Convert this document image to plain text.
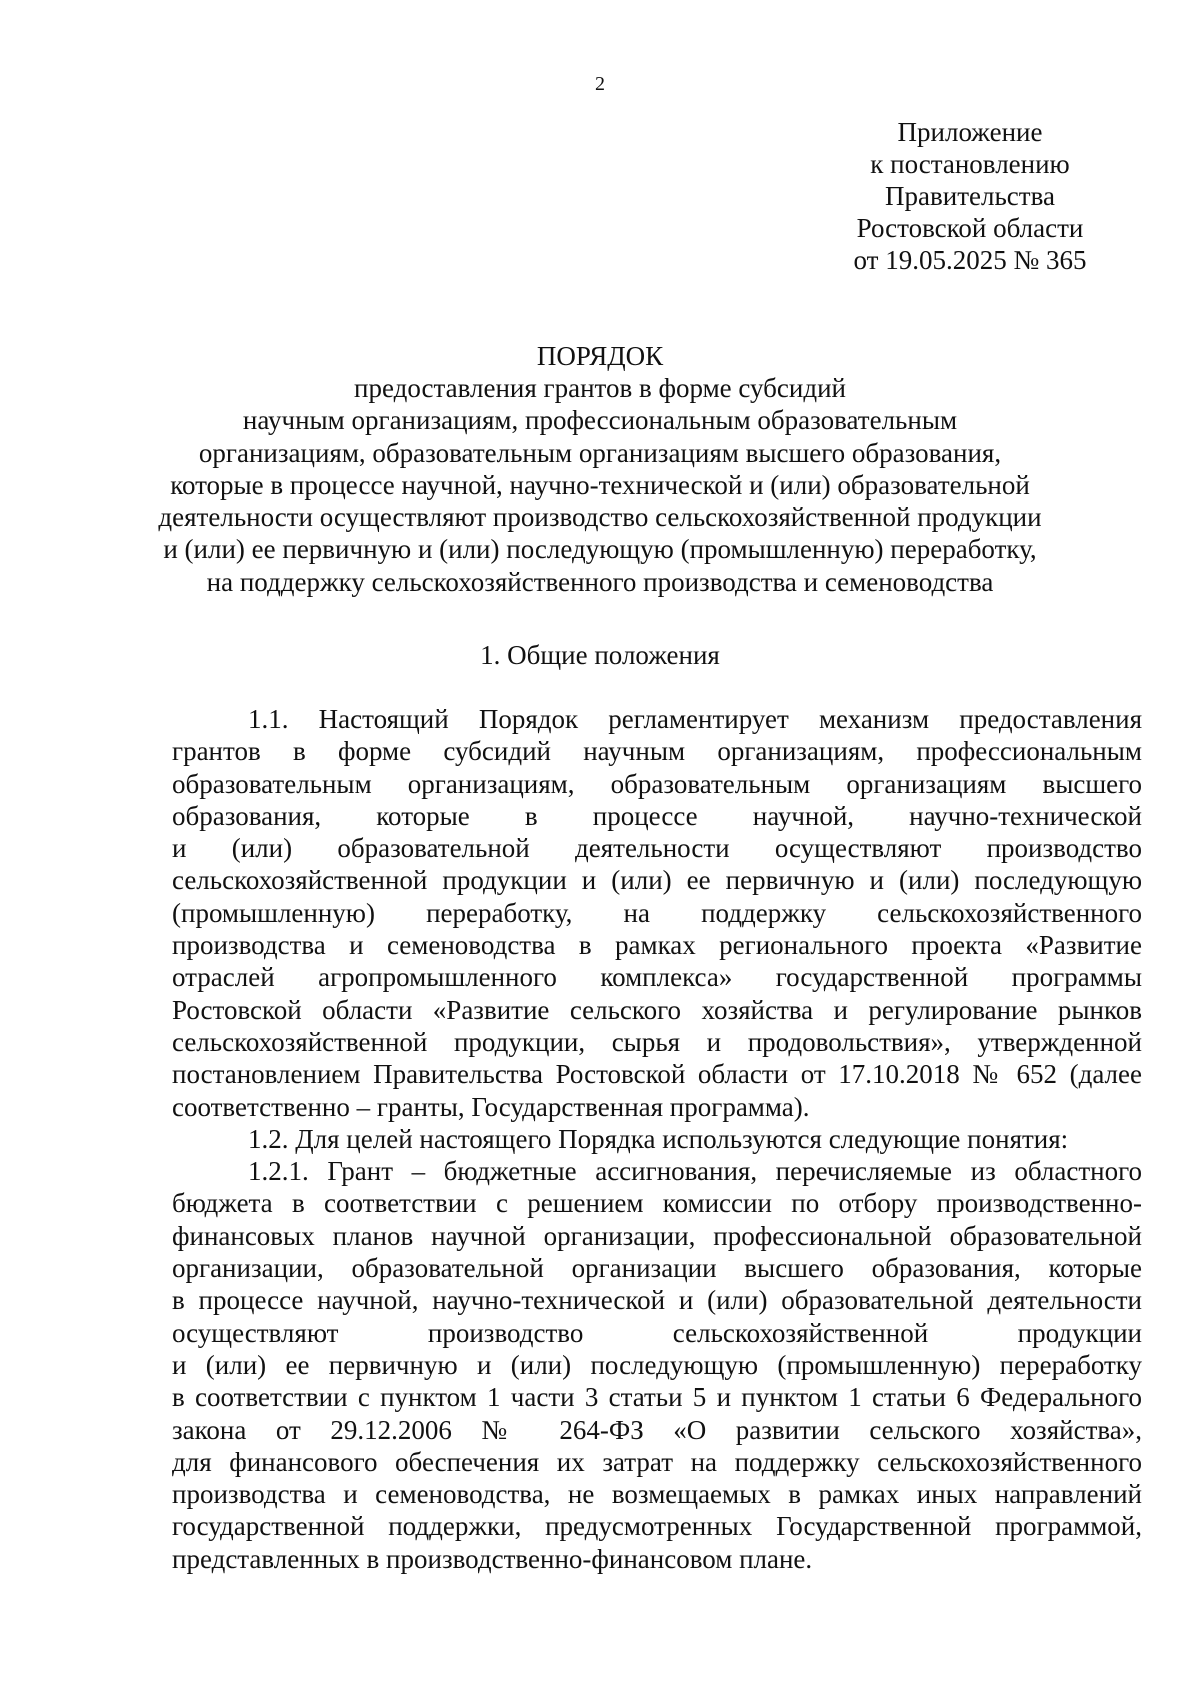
2
Приложение
к постановлению
Правительства
Ростовской области
от 19.05.2025 № 365
ПОРЯДОК
предоставления грантов в форме субсидий
научным организациям, профессиональным образовательным
организациям, образовательным организациям высшего образования,
которые в процессе научной, научно-технической и (или) образовательной
деятельности осуществляют производство сельскохозяйственной продукции
и (или) ее первичную и (или) последующую (промышленную) переработку,
на поддержку сельскохозяйственного производства и семеноводства
1. Общие положения
1.1. Настоящий Порядок регламентирует механизм предоставления
грантов в форме субсидий научным организациям, профессиональным
образовательным организациям, образовательным организациям высшего
образования, которые в процессе научной, научно-технической
и (или) образовательной деятельности осуществляют производство
сельскохозяйственной продукции и (или) ее первичную и (или) последующую
(промышленную) переработку, на поддержку сельскохозяйственного
производства и семеноводства в рамках регионального проекта «Развитие
отраслей агропромышленного комплекса» государственной программы
Ростовской области «Развитие сельского хозяйства и регулирование рынков
сельскохозяйственной продукции, сырья и продовольствия», утвержденной
постановлением Правительства Ростовской области от 17.10.2018 № 652 (далее
соответственно – гранты, Государственная программа).
1.2. Для целей настоящего Порядка используются следующие понятия:
1.2.1. Грант – бюджетные ассигнования, перечисляемые из областного
бюджета в соответствии с решением комиссии по отбору производственно-
финансовых планов научной организации, профессиональной образовательной
организации, образовательной организации высшего образования, которые
в процессе научной, научно-технической и (или) образовательной деятельности
осуществляют производство сельскохозяйственной продукции
и (или) ее первичную и (или) последующую (промышленную) переработку
в соответствии с пунктом 1 части 3 статьи 5 и пунктом 1 статьи 6 Федерального
закона от 29.12.2006 № 264-ФЗ «О развитии сельского хозяйства»,
для финансового обеспечения их затрат на поддержку сельскохозяйственного
производства и семеноводства, не возмещаемых в рамках иных направлений
государственной поддержки, предусмотренных Государственной программой,
представленных в производственно-финансовом плане.
